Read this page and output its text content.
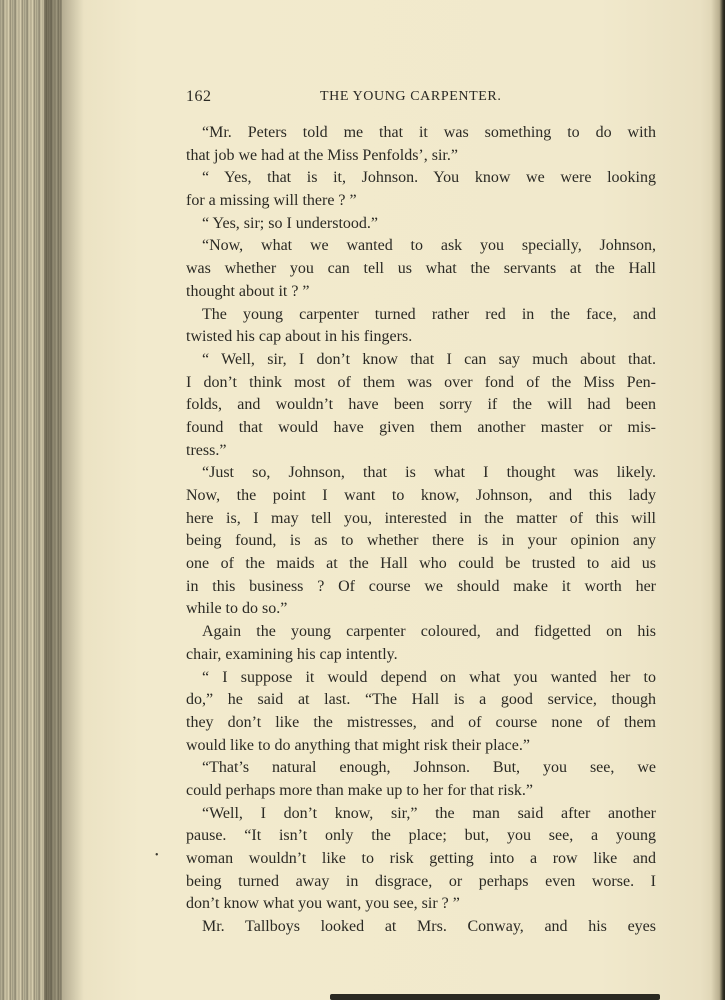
162	THE YOUNG CARPENTER.
“Mr. Peters told me that it was something to do with
that job we had at the Miss Penfolds’, sir.”
“ Yes, that is it, Johnson. You know we were looking
for a missing will there ? ”
“ Yes, sir; so I understood.”
“Now, what we wanted to ask you specially, Johnson,
was whether you can tell us what the servants at the Hall
thought about it ? ”
The young carpenter turned rather red in the face, and
twisted his cap about in his fingers.
“ Well, sir, I don’t know that I can say much about that.
I don’t think most of them was over fond of the Miss Pen-
folds, and wouldn’t have been sorry if the will had been
found that would have given them another master or mis-
tress.”
“Just so, Johnson, that is what I thought was likely.
Now, the point I want to know, Johnson, and this lady
here is, I may tell you, interested in the matter of this will
being found, is as to whether there is in your opinion any
one of the maids at the Hall who could be trusted to aid us
in this business ? Of course we should make it worth her
while to do so.”
Again the young carpenter coloured, and fidgetted on his
chair, examining his cap intently.
“ I suppose it would depend on what you wanted her to
do,” he said at last. “The Hall is a good service, though
they don’t like the mistresses, and of course none of them
would like to do anything that might risk their place.”
“That’s natural enough, Johnson. But, you see, we
could perhaps more than make up to her for that risk.”
“Well, I don’t know, sir,” the man said after another
pause. “It isn’t only the place; but, you see, a young
woman wouldn’t like to risk getting into a row like and
being turned away in disgrace, or perhaps even worse. I
don’t know what you want, you see, sir ? ”
Mr. Tallboys looked at Mrs. Conway, and his eyes
•
